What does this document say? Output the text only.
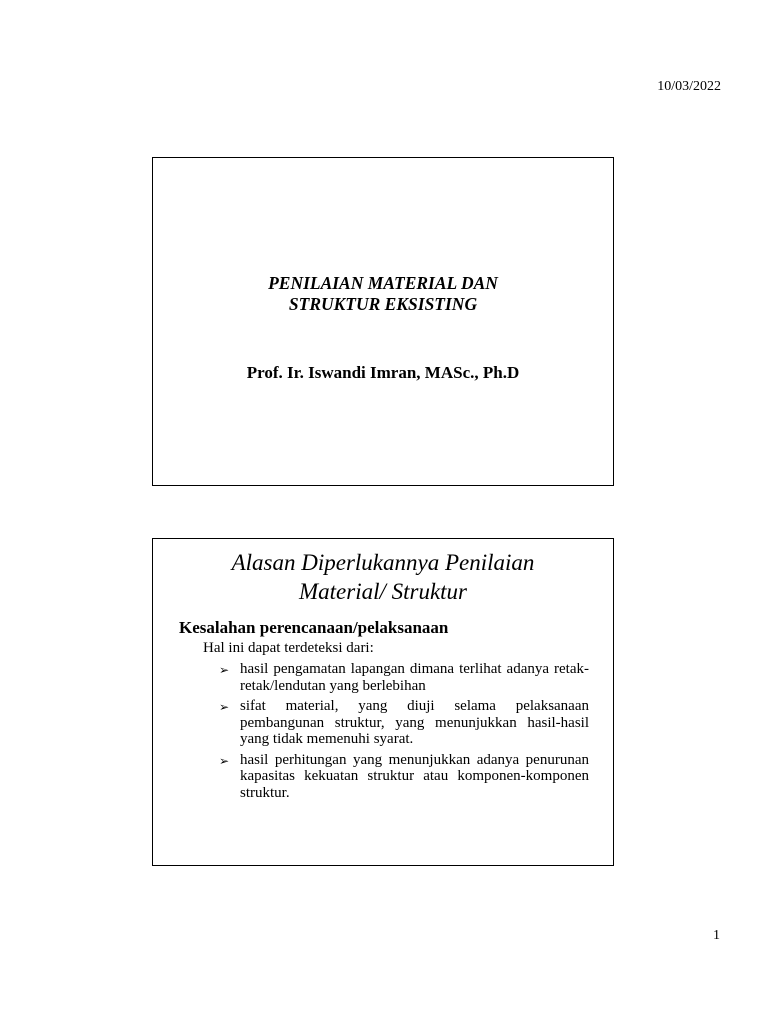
10/03/2022
PENILAIAN MATERIAL DAN
STRUKTUR EKSISTING
Prof. Ir. Iswandi Imran, MASc., Ph.D
Alasan Diperlukannya Penilaian
Material/ Struktur
Kesalahan perencanaan/pelaksanaan
Hal ini dapat terdeteksi dari:
➢ hasil pengamatan lapangan dimana terlihat adanya retak-retak/lendutan yang berlebihan
➢ sifat material, yang diuji selama pelaksanaan pembangunan struktur, yang menunjukkan hasil-hasil yang tidak memenuhi syarat.
➢ hasil perhitungan yang menunjukkan adanya penurunan kapasitas kekuatan struktur atau komponen-komponen struktur.
1
